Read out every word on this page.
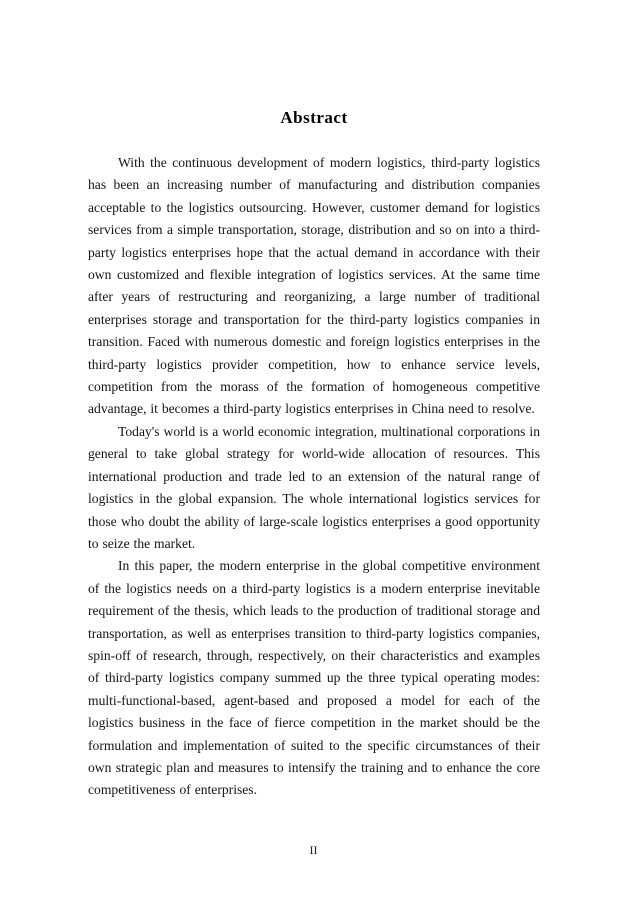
Abstract

With the continuous development of modern logistics, third-party logistics has been an increasing number of manufacturing and distribution companies acceptable to the logistics outsourcing. However, customer demand for logistics services from a simple transportation, storage, distribution and so on into a third-party logistics enterprises hope that the actual demand in accordance with their own customized and flexible integration of logistics services. At the same time after years of restructuring and reorganizing, a large number of traditional enterprises storage and transportation for the third-party logistics companies in transition. Faced with numerous domestic and foreign logistics enterprises in the third-party logistics provider competition, how to enhance service levels, competition from the morass of the formation of homogeneous competitive advantage, it becomes a third-party logistics enterprises in China need to resolve.

Today's world is a world economic integration, multinational corporations in general to take global strategy for world-wide allocation of resources. This international production and trade led to an extension of the natural range of logistics in the global expansion. The whole international logistics services for those who doubt the ability of large-scale logistics enterprises a good opportunity to seize the market.

In this paper, the modern enterprise in the global competitive environment of the logistics needs on a third-party logistics is a modern enterprise inevitable requirement of the thesis, which leads to the production of traditional storage and transportation, as well as enterprises transition to third-party logistics companies, spin-off of research, through, respectively, on their characteristics and examples of third-party logistics company summed up the three typical operating modes: multi-functional-based, agent-based and proposed a model for each of the logistics business in the face of fierce competition in the market should be the formulation and implementation of suited to the specific circumstances of their own strategic plan and measures to intensify the training and to enhance the core competitiveness of enterprises.

II
